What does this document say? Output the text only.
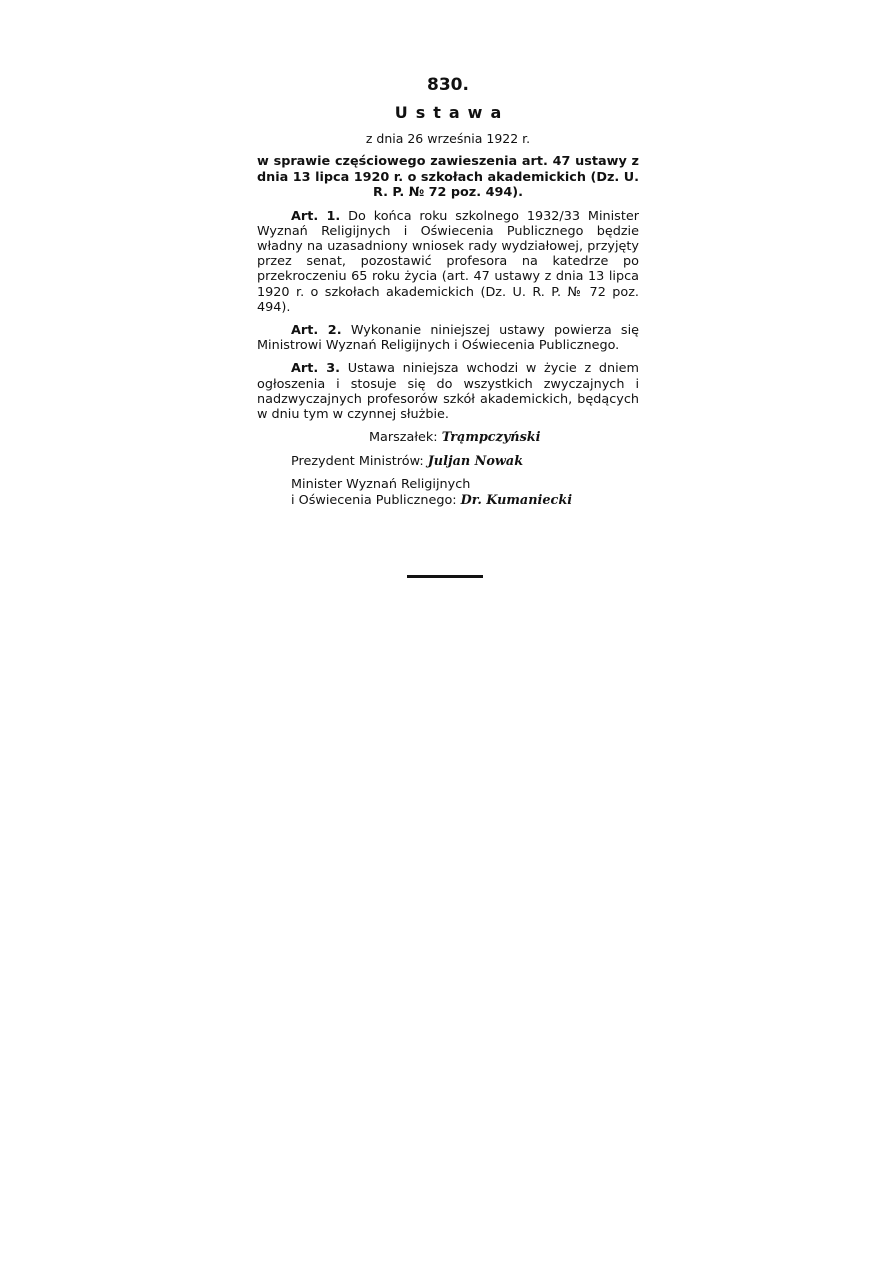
830.
Ustawa
z dnia 26 września 1922 r.
w sprawie częściowego zawieszenia art. 47 ustawy z dnia 13 lipca 1920 r. o szkołach akademickich (Dz. U. R. P. № 72 poz. 494).

Art. 1. Do końca roku szkolnego 1932/33 Minister Wyznań Religijnych i Oświecenia Publicznego będzie władny na uzasadniony wniosek rady wydziałowej, przyjęty przez senat, pozostawić profesora na katedrze po przekroczeniu 65 roku życia (art. 47 ustawy z dnia 13 lipca 1920 r. o szkołach akademickich (Dz. U. R. P. № 72 poz. 494).

Art. 2. Wykonanie niniejszej ustawy powierza się Ministrowi Wyznań Religijnych i Oświecenia Publicznego.

Art. 3. Ustawa niniejsza wchodzi w życie z dniem ogłoszenia i stosuje się do wszystkich zwyczajnych i nadzwyczajnych profesorów szkół akademickich, będących w dniu tym w czynnej służbie.

Marszałek: Trąmpczyński
Prezydent Ministrów: Juljan Nowak
Minister Wyznań Religijnych
i Oświecenia Publicznego: Dr. Kumaniecki
